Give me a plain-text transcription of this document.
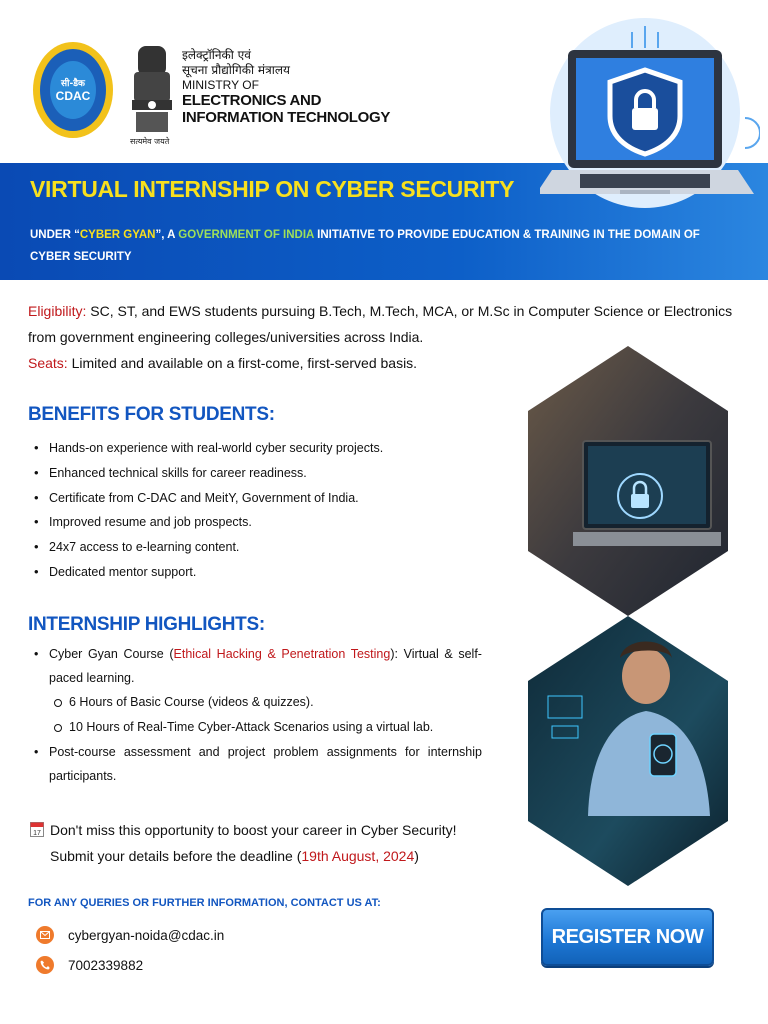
सी-डैक
CDAC
सत्यमेव जयते
इलेक्ट्रॉनिकी एवं
सूचना प्रौद्योगिकी मंत्रालय
MINISTRY OF
ELECTRONICS AND
INFORMATION TECHNOLOGY
VIRTUAL INTERNSHIP ON CYBER SECURITY
UNDER “CYBER GYAN”, A GOVERNMENT OF INDIA INITIATIVE TO PROVIDE EDUCATION & TRAINING IN THE DOMAIN OF CYBER SECURITY
Eligibility: SC, ST, and EWS students pursuing B.Tech, M.Tech, MCA, or M.Sc in Computer Science or Electronics from government engineering colleges/universities across India.
Seats: Limited and available on a first-come, first-served basis.
BENEFITS FOR STUDENTS:
• Hands-on experience with real-world cyber security projects.
• Enhanced technical skills for career readiness.
• Certificate from C-DAC and MeitY, Government of India.
• Improved resume and job prospects.
• 24x7 access to e-learning content.
• Dedicated mentor support.
INTERNSHIP HIGHLIGHTS:
• Cyber Gyan Course (Ethical Hacking & Penetration Testing): Virtual & self-paced learning.
6 Hours of Basic Course (videos & quizzes).
10 Hours of Real-Time Cyber-Attack Scenarios using a virtual lab.
• Post-course assessment and project problem assignments for internship participants.
17 Don't miss this opportunity to boost your career in Cyber Security!
Submit your details before the deadline (19th August, 2024)
FOR ANY QUERIES OR FURTHER INFORMATION, CONTACT US AT:
cybergyan-noida@cdac.in
7002339882
REGISTER NOW
